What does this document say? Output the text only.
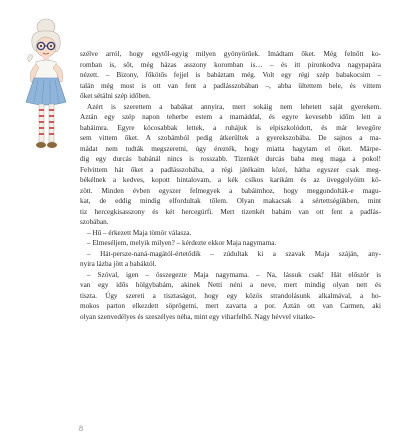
szélve arról, hogy egytől-egyig milyen gyönyörűek. Imádtam őket. Még felnőtt ko-
romban is, sőt, még házas asszony koromban is… – és itt pironkodva nagypapára
nézett. – Bizony, főkötős fejjel is babáztam még. Volt egy régi szép babakocsim –
talán még most is ott van fent a padlásszobában –, abba ültettem bele, és vittem
őket sétálni szép időben.
Azért is szerettem a babákat annyira, mert sokáig nem lehetett saját gyerekem.
Aztán egy szép napon teherbe estem a mamáddal, és egyre kevesebb időm lett a
babáimra. Egyre kócosabbak lettek, a ruhájuk is elpiszkolódott, és már levegőre
sem vittem őket. A szobámból pedig átkerültek a gyerekszobába. De sajnos a ma-
mádat nem tudták megszeretni, úgy érezték, hogy miatta hagytam el őket. Márpe-
dig egy durcás babánál nincs is rosszabb. Tizenkét durcás baba meg maga a pokol!
Felvittem hát őket a padlásszobába, a régi játékaim közé, hátha egyszer csak meg-
békélnek a kedves, kopott hintalovam, a kék csíkos karikám és az üveggolyóim kö-
zött. Minden évben egyszer felmegyek a babáimhoz, hogy meggondolták-e magu-
kat, de eddig mindig elfordultak tőlem. Olyan makacsak a sértettségükben, mint
tiz hercegkisasszony és két hercegúrfi. Mert tizenkét babám van ott fent a padlás-
szobában.
– Hű – érkezett Maja tömör válasza.
– Elmeséljem, melyik milyen? – kérdezte ekkor Maja nagymama.
– Hát-persze-naná-magától-értetődik – zúdultak ki a szavak Maja száján, any-
nyira lázba jött a babáktól.
– Szóval, igen – összegezte Maja nagymama. – Na, lássuk csak! Hát először is
van egy idős hölgybabám, akinek Netti néni a neve, mert mindig olyan nett és
tiszta. Úgy szereti a tisztaságot, hogy egy közös strandolásunk alkalmával, a ho-
mokos parton elkezdett söprögetni, mert zavarta a por. Aztán ott van Carmen, aki
olyan szenvedélyes és szeszélyes néha, mint egy viharfelhő. Nagy hévvel vitatko-
8
